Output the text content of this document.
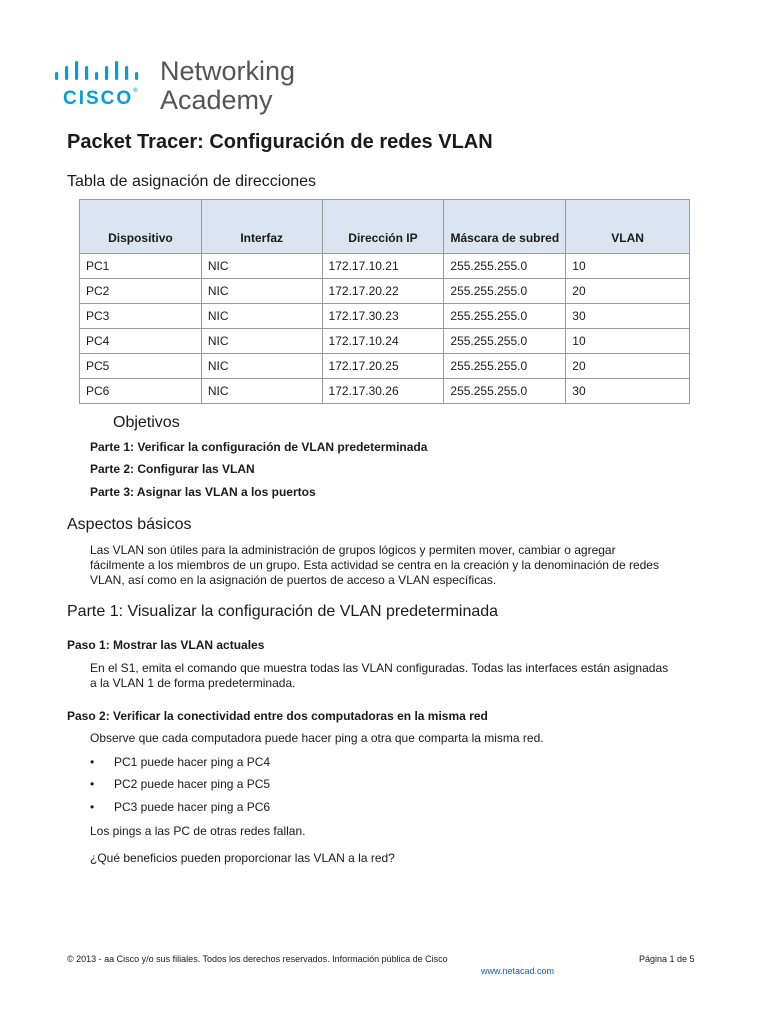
CISCO®
Networking
Academy
Packet Tracer: Configuración de redes VLAN
Tabla de asignación de direcciones
Dispositivo	Interfaz	Dirección IP	Máscara de subred	VLAN
PC1	NIC	172.17.10.21	255.255.255.0	10
PC2	NIC	172.17.20.22	255.255.255.0	20
PC3	NIC	172.17.30.23	255.255.255.0	30
PC4	NIC	172.17.10.24	255.255.255.0	10
PC5	NIC	172.17.20.25	255.255.255.0	20
PC6	NIC	172.17.30.26	255.255.255.0	30
Objetivos
Parte 1: Verificar la configuración de VLAN predeterminada
Parte 2: Configurar las VLAN
Parte 3: Asignar las VLAN a los puertos
Aspectos básicos
Las VLAN son útiles para la administración de grupos lógicos y permiten mover, cambiar o agregar
fácilmente a los miembros de un grupo. Esta actividad se centra en la creación y la denominación de redes
VLAN, así como en la asignación de puertos de acceso a VLAN específicas.
Parte 1: Visualizar la configuración de VLAN predeterminada
Paso 1: Mostrar las VLAN actuales
En el S1, emita el comando que muestra todas las VLAN configuradas. Todas las interfaces están asignadas
a la VLAN 1 de forma predeterminada.
Paso 2: Verificar la conectividad entre dos computadoras en la misma red
Observe que cada computadora puede hacer ping a otra que comparta la misma red.
• PC1 puede hacer ping a PC4
• PC2 puede hacer ping a PC5
• PC3 puede hacer ping a PC6
Los pings a las PC de otras redes fallan.
¿Qué beneficios pueden proporcionar las VLAN a la red?
© 2013 - aa Cisco y/o sus filiales. Todos los derechos reservados. Información pública de Cisco	Página 1 de 5
www.netacad.com
